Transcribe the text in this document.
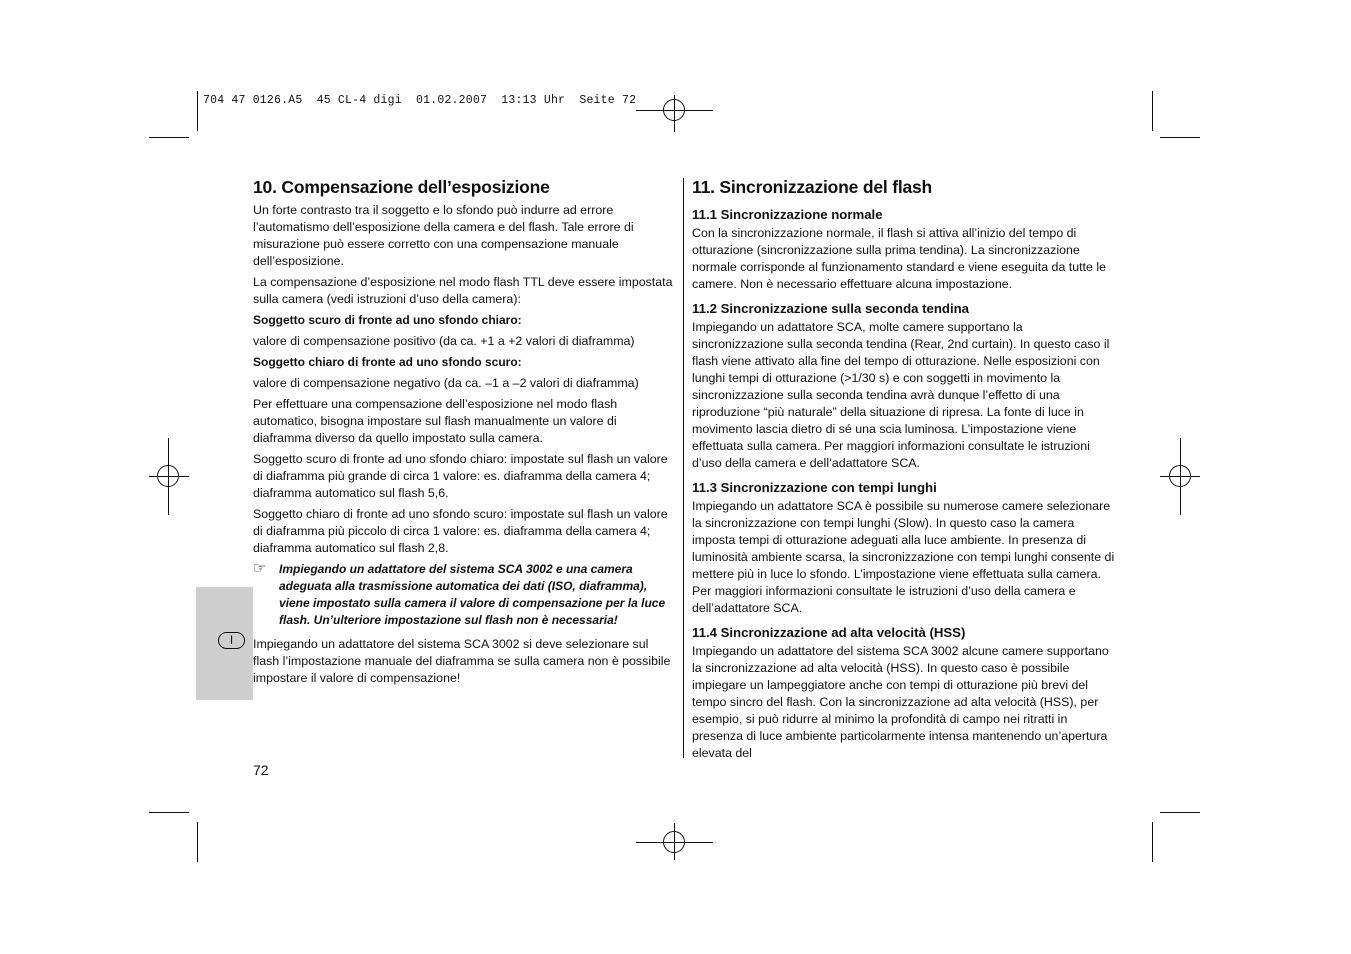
704 47 0126.A5  45 CL-4 digi  01.02.2007  13:13 Uhr  Seite 72
I
10. Compensazione dell’esposizione

Un forte contrasto tra il soggetto e lo sfondo può indurre ad errore l’automatismo dell’esposizione della camera e del flash. Tale errore di misurazione può essere corretto con una compensazione manuale dell’esposizione.

La compensazione d’esposizione nel modo flash TTL deve essere impostata sulla camera (vedi istruzioni d’uso della camera):

Soggetto scuro di fronte ad uno sfondo chiaro:

valore di compensazione positivo (da ca. +1 a +2 valori di diaframma)

Soggetto chiaro di fronte ad uno sfondo scuro:

valore di compensazione negativo (da ca. –1 a –2 valori di diaframma)

Per effettuare una compensazione dell’esposizione nel modo flash automatico, bisogna impostare sul flash manualmente un valore di diaframma diverso da quello impostato sulla camera.

Soggetto scuro di fronte ad uno sfondo chiaro: impostate sul flash un valore di diaframma più grande di circa 1 valore: es. diaframma della camera 4; diaframma automatico sul flash 5,6.

Soggetto chiaro di fronte ad uno sfondo scuro: impostate sul flash un valore di diaframma più piccolo di circa 1 valore: es. diaframma della camera 4; diaframma automatico sul flash 2,8.

☞	Impiegando un adattatore del sistema SCA 3002 e una camera adeguata alla trasmissione automatica dei dati (ISO, diaframma), viene impostato sulla camera il valore di compensazione per la luce flash. Un’ulteriore impostazione sul flash non è necessaria!

Impiegando un adattatore del sistema SCA 3002 si deve selezionare sul flash l’impostazione manuale del diaframma se sulla camera non è possibile impostare il valore di compensazione!

11. Sincronizzazione del flash
11.1 Sincronizzazione normale

Con la sincronizzazione normale, il flash si attiva all’inizio del tempo di otturazione (sincronizzazione sulla prima tendina). La sincronizzazione normale corrisponde al funzionamento standard e viene eseguita da tutte le camere. Non è necessario effettuare alcuna impostazione.

11.2 Sincronizzazione sulla seconda tendina

Impiegando un adattatore SCA, molte camere supportano la sincronizzazione sulla seconda tendina (Rear, 2nd curtain). In questo caso il flash viene attivato alla fine del tempo di otturazione. Nelle esposizioni con lunghi tempi di otturazione (>1/30 s) e con soggetti in movimento la sincronizzazione sulla seconda tendina avrà dunque l’effetto di una riproduzione “più naturale” della situazione di ripresa. La fonte di luce in movimento lascia dietro di sé una scia luminosa. L’impostazione viene effettuata sulla camera. Per maggiori informazioni consultate le istruzioni d’uso della camera e dell’adattatore SCA.

11.3 Sincronizzazione con tempi lunghi

Impiegando un adattatore SCA è possibile su numerose camere selezionare la sincronizzazione con tempi lunghi (Slow). In questo caso la camera imposta tempi di otturazione adeguati alla luce ambiente. In presenza di luminosità ambiente scarsa, la sincronizzazione con tempi lunghi consente di mettere più in luce lo sfondo. L’impostazione viene effettuata sulla camera. Per maggiori informazioni consultate le istruzioni d’uso della camera e dell’adattatore SCA.

11.4 Sincronizzazione ad alta velocità (HSS)

Impiegando un adattatore del sistema SCA 3002 alcune camere supportano la sincronizzazione ad alta velocità (HSS). In questo caso è possibile impiegare un lampeggiatore anche con tempi di otturazione più brevi del tempo sincro del flash. Con la sincronizzazione ad alta velocità (HSS), per esempio, si può ridurre al minimo la profondità di campo nei ritratti in presenza di luce ambiente particolarmente intensa mantenendo un’apertura elevata del

72
